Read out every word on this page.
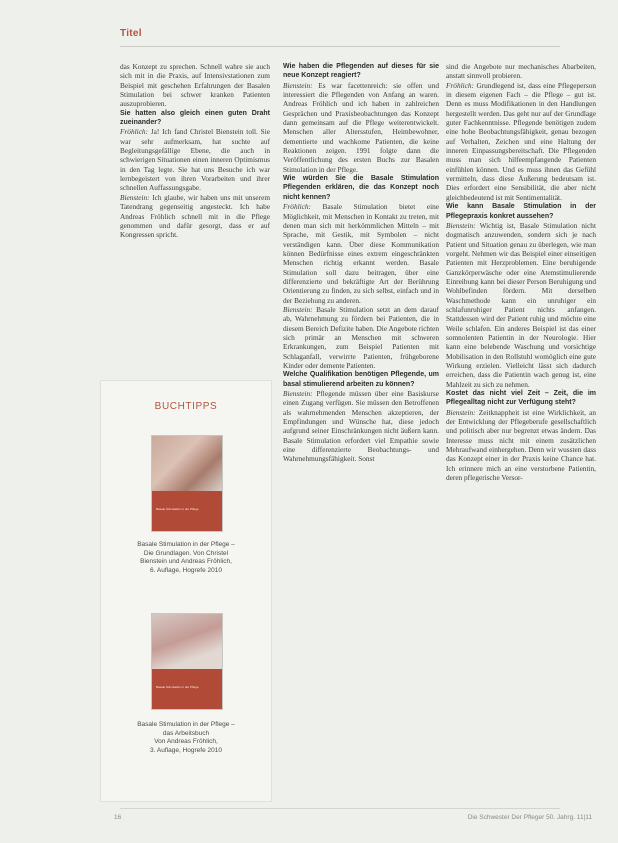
Titel

das Konzept zu sprechen. Schnell wahre sie auch sich mit in die Praxis, auf Intensivstationen zum Beispiel mit geschehen Erfahrungen der Basalen Stimulation bei schwer kranken Patienten auszuprobieren.

Sie hatten also gleich einen guten Draht zueinander?

Fröhlich: Ja! Ich fand Christel Bienstein toll. Sie war sehr aufmerksam, hat suchte auf Begleitungsgefällige Ebene, die auch in schwierigen Situationen einen inneren Optimismus in den Tag legte. Sie hat uns Besuche ich war lernbegeistert von ihren Vorarbeiten und ihrer schnellen Auffassungsgabe.

Bienstein: Ich glaube, wir haben uns mit unserem Tatendrang gegenseitig angesteckt. Ich habe Andreas Fröhlich schnell mit in die Pflege genommen und dafür gesorgt, dass er auf Kongressen spricht.

Wie haben die Pflegenden auf dieses für sie neue Konzept reagiert?

Bienstein: Es war facettenreich: sie offen und interessiert die Pflegenden von Anfang an waren. Andreas Fröhlich und ich haben in zahlreichen Gesprächen und Praxisbeobachtungen das Konzept dann gemeinsam auf die Pflege weiterentwickelt. Menschen aller Altersstufen, Heimbewohner, dementierte und wachkome Patienten, die keine Reaktionen zeigen. 1991 folgte dann die Veröffentlichung des ersten Buchs zur Basalen Stimulation in der Pflege.

Wie würden Sie die Basale Stimulation Pflegenden erklären, die das Konzept noch nicht kennen?

Fröhlich: Basale Stimulation bietet eine Möglichkeit, mit Menschen in Kontakt zu treten, mit denen man sich mit herkömmlichen Mitteln – mit Sprache, mit Gestik, mit Symbolen – nicht verständigen kann. Über diese Kommunikation können Bedürfnisse eines extrem eingeschränkten Menschen richtig erkannt werden. Basale Stimulation soll dazu beitragen, über eine differenzierte und bekräftigte Art der Berührung Orientierung zu finden, zu sich selbst, einfach und in der Beziehung zu anderen.

Bienstein: Basale Stimulation setzt an dem darauf ab, Wahrnehmung zu fördern bei Patienten, die in diesem Bereich Defizite haben. Die Angebote richten sich primär an Menschen mit schweren Erkrankungen, zum Beispiel Patienten mit Schlaganfall, verwirrte Patienten, frühgeborene Kinder oder demente Patienten.

Welche Qualifikation benötigen Pflegende, um basal stimulierend arbeiten zu können?

Bienstein: Pflegende müssen über eine Basiskurse einen Zugang verfügen. Sie müssen den Betroffenen als wahrnehmenden Menschen akzeptieren, der Empfindungen und Wünsche hat, diese jedoch aufgrund seiner Einschränkungen nicht äußern kann. Basale Stimulation erfordert viel Empathie sowie eine differenzierte Beobachtungs- und Wahrnehmungsfähigkeit. Sonst

sind die Angebote nur mechanisches Abarbeiten, anstatt sinnvoll probieren.

Fröhlich: Grundlegend ist, dass eine Pflegeperson in diesem eigenen Fach – die Pflege – gut ist. Denn es muss Modifikationen in den Handlungen hergestellt werden. Das geht nur auf der Grundlage guter Fachkenntnisse. Pflegende benötigen zudem eine hohe Beobachtungsfähigkeit, genau bezogen auf Verhalten, Zeichen und eine Haltung der inneren Einpassungsbereitschaft. Die Pflegenden muss man sich hilfeempfangende Patienten einfühlen können. Und es muss ihnen das Gefühl vermitteln, dass diese Äußerung bedeutsam ist. Dies erfordert eine Sensibilität, die aber nicht gleichbedeutend ist mit Sentimentalität.

Wie kann Basale Stimulation in der Pflegepraxis konkret aussehen?

Bienstein: Wichtig ist, Basale Stimulation nicht dogmatisch anzuwenden, sondern sich je nach Patient und Situation genau zu überlegen, wie man vorgeht. Nehmen wir das Beispiel einer einseitigen Patienten mit Herzproblemen. Eine beruhigende Ganzkörperwäsche oder eine Atemstimulierende Einreibung kann bei dieser Person Beruhigung und Wohlbefinden fördern. Mit derselben Waschmethode kann ein unruhiger ein schlafunruhiger Patient nichts anfangen. Stattdessen wird der Patient ruhig und möchte eine Weile schlafen. Ein anderes Beispiel ist das einer somnolenten Patientin in der Neurologie. Hier kann eine belebende Waschung und vorsichtige Mobilisation in den Rollstuhl womöglich eine gute Wirkung erzielen. Vielleicht lässt sich dadurch erreichen, dass die Patientin wach genug ist, eine Mahlzeit zu sich zu nehmen.

Kostet das nicht viel Zeit – Zeit, die im Pflegealltag nicht zur Verfügung steht?

Bienstein: Zeitknappheit ist eine Wirklichkeit, an der Entwicklung der Pflegeberufe gesellschaftlich und politisch aber nur begrenzt etwas ändern. Das Interesse muss nicht mit einem zusätzlichen Mehraufwand einhergehen. Denn wir wussten dass das Konzept einer in der Praxis keine Chance hat. Ich erinnere mich an eine verstorbene Patientin, deren pflegerische Versor-

BUCHTIPPS
Basale Stimulation in der Pflege
Basale Stimulation in der Pflege –
Die Grundlagen. Von Christel
Bienstein und Andreas Fröhlich,
6. Auflage, Hogrefe 2010
Basale Stimulation in der Pflege
Basale Stimulation in der Pflege –
das Arbeitsbuch
Von Andreas Fröhlich,
3. Auflage, Hogrefe 2010
16	Die Schwester Der Pfleger 50. Jahrg. 11|11
